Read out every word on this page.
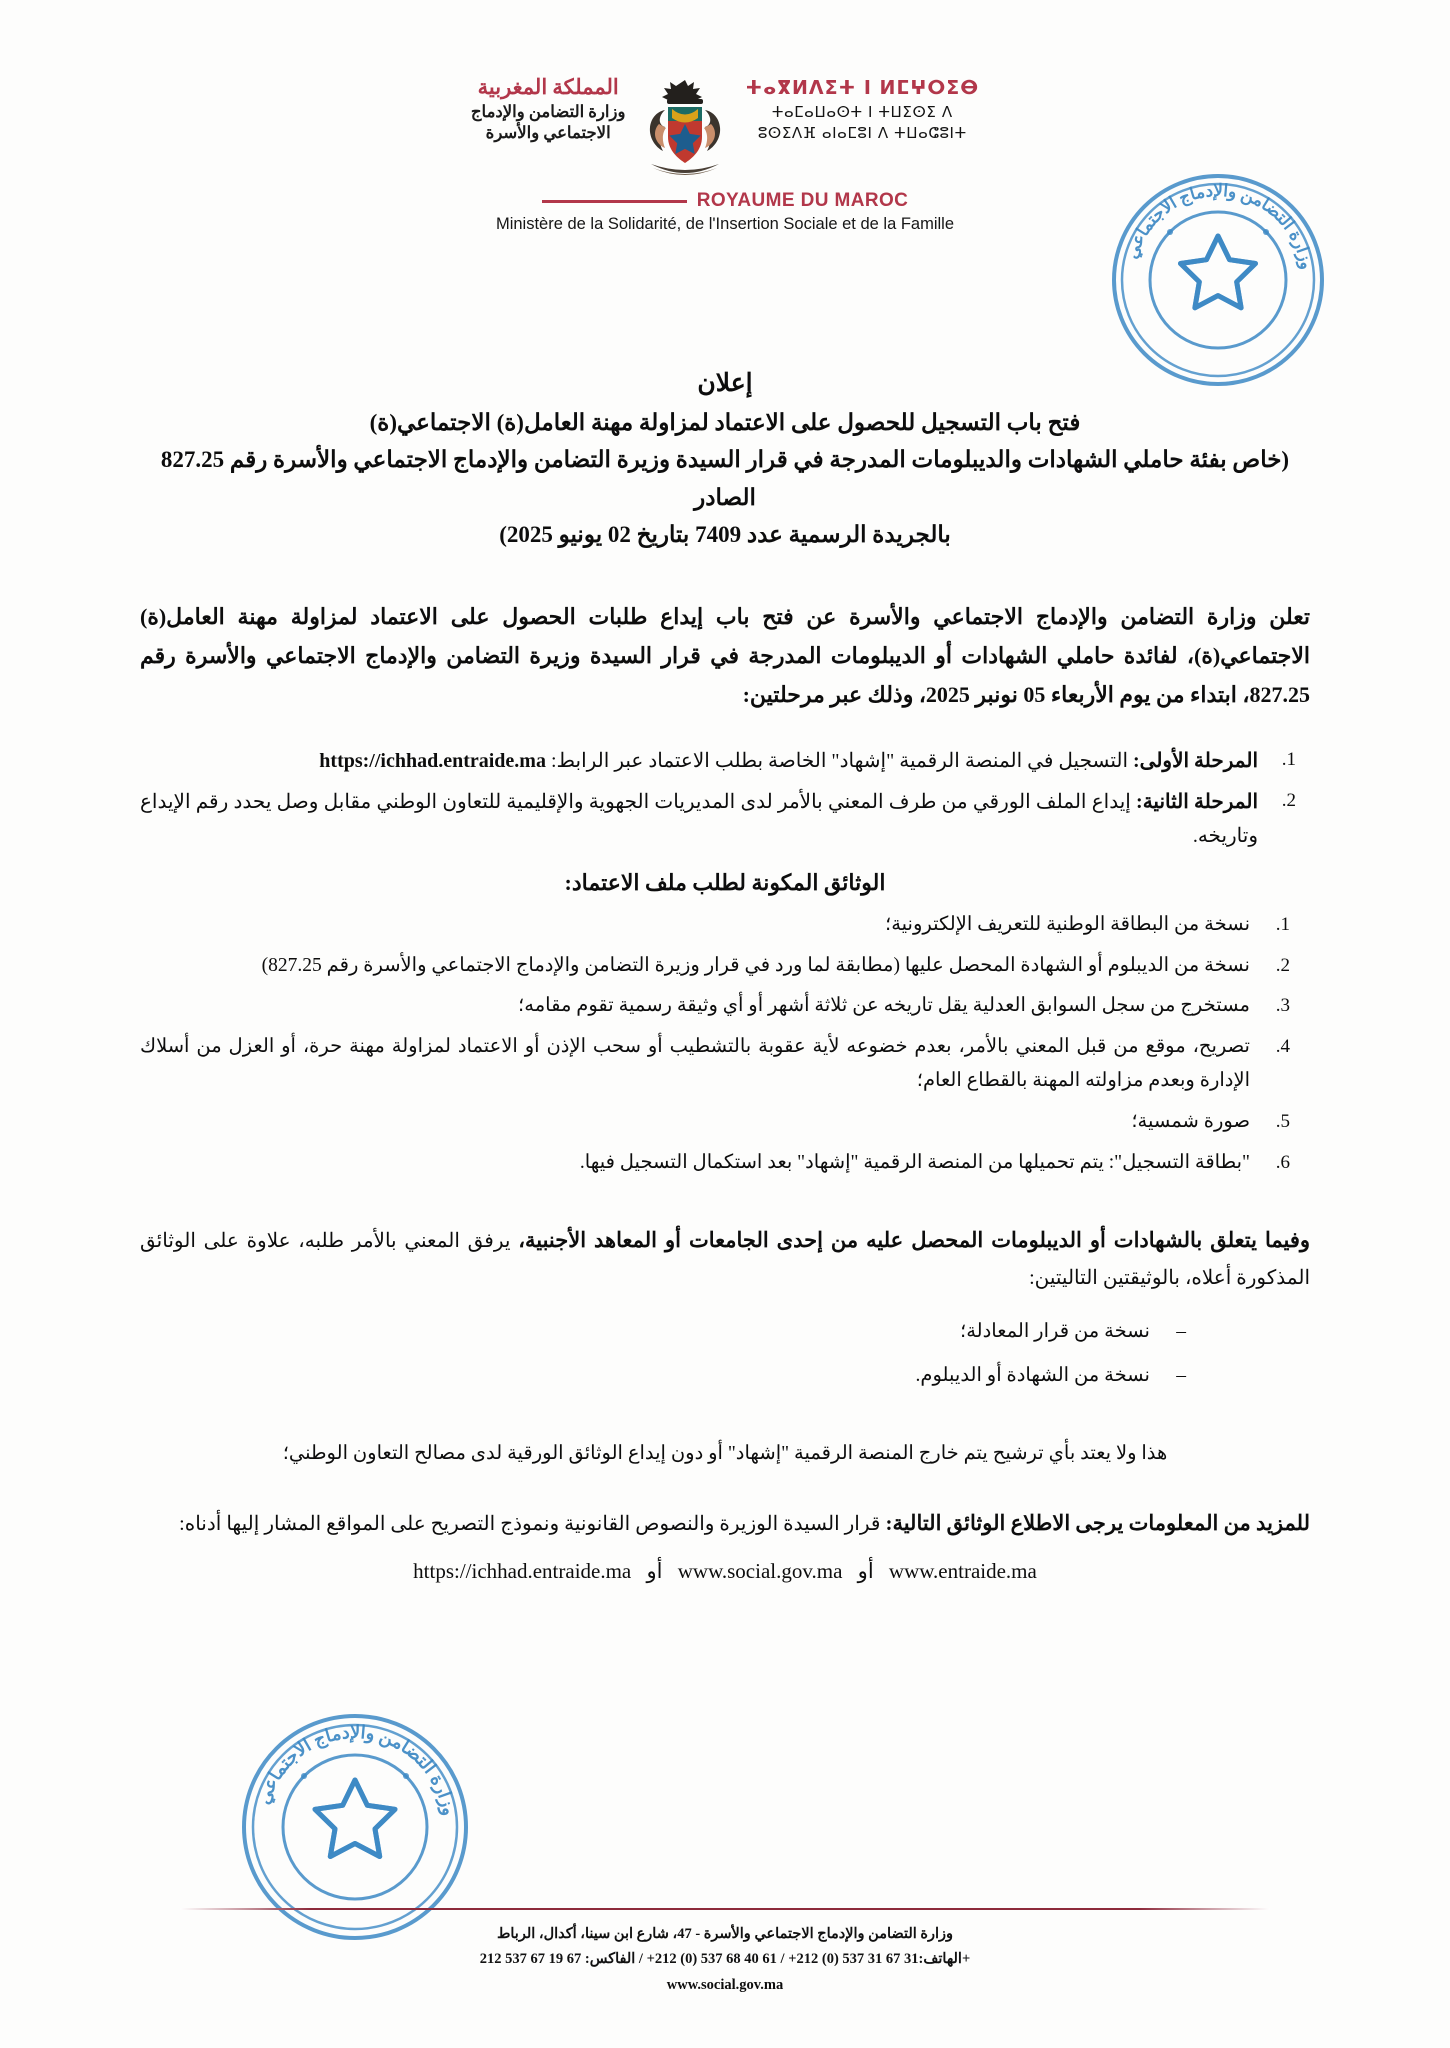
المملكة المغربية
وزارة التضامن والإدماج
الاجتماعي والأسرة
ⵜⴰⴳⵍⴷⵉⵜ ⵏ ⵍⵎⵖⵔⵉⴱ
ⵜⴰⵎⴰⵡⴰⵙⵜ ⵏ ⵜⵡⵉⵙⵉ ⴷ
ⵓⵙⵉⴷⴼ ⴰⵏⴰⵎⵓⵏ ⴷ ⵜⵡⴰⵛⵓⵏⵜ
ROYAUME DU MAROC
Ministère de la Solidarité, de l'Insertion Sociale et de la Famille
وزارة التضامن والإدماج الاجتماعي
إعلان
فتح باب التسجيل للحصول على الاعتماد لمزاولة مهنة العامل(ة) الاجتماعي(ة)
(خاص بفئة حاملي الشهادات والديبلومات المدرجة في قرار السيدة وزيرة التضامن والإدماج الاجتماعي والأسرة رقم 827.25 الصادر
بالجريدة الرسمية عدد 7409 بتاريخ 02 يونيو 2025)

تعلن وزارة التضامن والإدماج الاجتماعي والأسرة عن فتح باب إيداع طلبات الحصول على الاعتماد لمزاولة مهنة العامل(ة) الاجتماعي(ة)، لفائدة حاملي الشهادات أو الديبلومات المدرجة في قرار السيدة وزيرة التضامن والإدماج الاجتماعي والأسرة رقم 827.25، ابتداء من يوم الأربعاء 05 نونبر 2025، وذلك عبر مرحلتين:

المرحلة الأولى: التسجيل في المنصة الرقمية "إشهاد" الخاصة بطلب الاعتماد عبر الرابط: https://ichhad.entraide.ma
المرحلة الثانية: إيداع الملف الورقي من طرف المعني بالأمر لدى المديريات الجهوية والإقليمية للتعاون الوطني مقابل وصل يحدد رقم الإيداع وتاريخه.
الوثائق المكونة لطلب ملف الاعتماد:
نسخة من البطاقة الوطنية للتعريف الإلكترونية؛
نسخة من الديبلوم أو الشهادة المحصل عليها (مطابقة لما ورد في قرار وزيرة التضامن والإدماج الاجتماعي والأسرة رقم 827.25)
مستخرج من سجل السوابق العدلية يقل تاريخه عن ثلاثة أشهر أو أي وثيقة رسمية تقوم مقامه؛
تصريح، موقع من قبل المعني بالأمر، بعدم خضوعه لأية عقوبة بالتشطيب أو سحب الإذن أو الاعتماد لمزاولة مهنة حرة، أو العزل من أسلاك الإدارة وبعدم مزاولته المهنة بالقطاع العام؛
صورة شمسية؛
"بطاقة التسجيل": يتم تحميلها من المنصة الرقمية "إشهاد" بعد استكمال التسجيل فيها.

وفيما يتعلق بالشهادات أو الديبلومات المحصل عليه من إحدى الجامعات أو المعاهد الأجنبية، يرفق المعني بالأمر طلبه، علاوة على الوثائق المذكورة أعلاه، بالوثيقتين التاليتين:

– نسخة من قرار المعادلة؛
– نسخة من الشهادة أو الديبلوم.

هذا ولا يعتد بأي ترشيح يتم خارج المنصة الرقمية "إشهاد" أو دون إيداع الوثائق الورقية لدى مصالح التعاون الوطني؛

للمزيد من المعلومات يرجى الاطلاع الوثائق التالية: قرار السيدة الوزيرة والنصوص القانونية ونموذج التصريح على المواقع المشار إليها أدناه:

https://ichhad.entraide.ma أو www.social.gov.ma أو www.entraide.ma
وزارة التضامن والإدماج الاجتماعي
وزارة التضامن والإدماج الاجتماعي والأسرة - 47، شارع ابن سينا، أكدال، الرباط
الهاتف:31 67 31 537 (0) 212+ / 61 40 68 537 (0) 212+ / الفاكس: 67 19 67 537 212+
www.social.gov.ma
